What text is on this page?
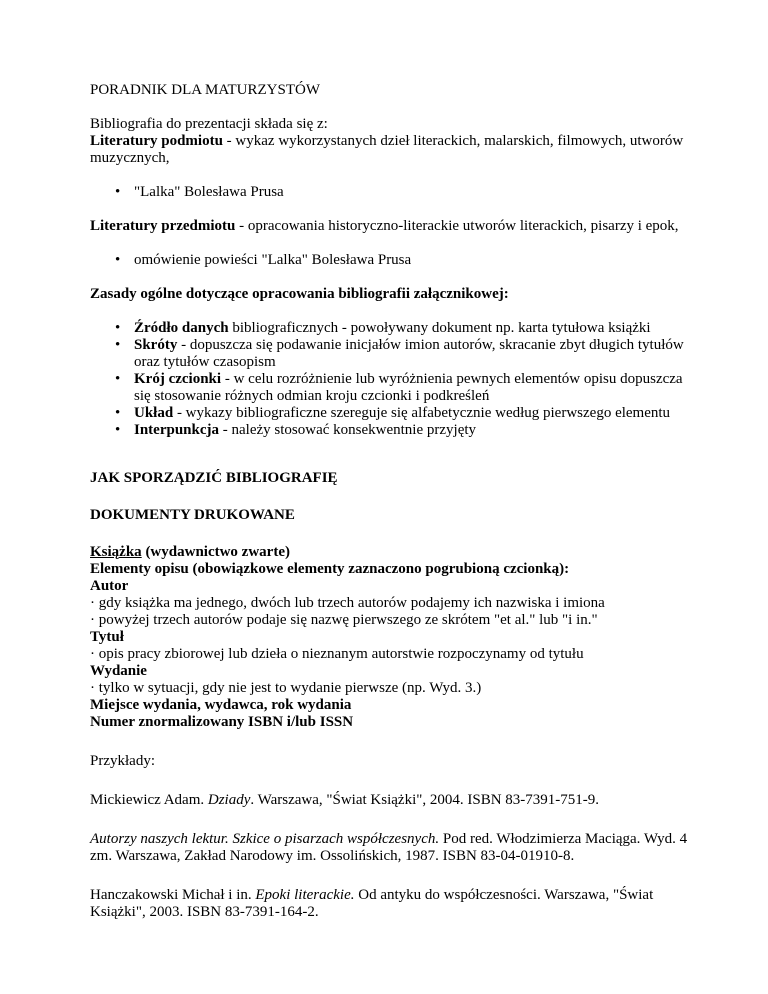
PORADNIK DLA MATURZYSTÓW

Bibliografia do prezentacji składa się z:

Literatury podmiotu - wykaz wykorzystanych dzieł literackich, malarskich, filmowych, utworów muzycznych,

• "Lalka" Bolesława Prusa

Literatury przedmiotu - opracowania historyczno-literackie utworów literackich, pisarzy i epok,

• omówienie powieści "Lalka" Bolesława Prusa

Zasady ogólne dotyczące opracowania bibliografii załącznikowej:

• Źródło danych bibliograficznych - powoływany dokument np. karta tytułowa książki
• Skróty - dopuszcza się podawanie inicjałów imion autorów, skracanie zbyt długich tytułów oraz tytułów czasopism
• Krój czcionki - w celu rozróżnienie lub wyróżnienia pewnych elementów opisu dopuszcza się stosowanie różnych odmian kroju czcionki i podkreśleń
• Układ - wykazy bibliograficzne szereguje się alfabetycznie według pierwszego elementu
• Interpunkcja - należy stosować konsekwentnie przyjęty

JAK SPORZĄDZIĆ BIBLIOGRAFIĘ

DOKUMENTY DRUKOWANE

Książka (wydawnictwo zwarte)

Elementy opisu (obowiązkowe elementy zaznaczono pogrubioną czcionką):

Autor

· gdy książka ma jednego, dwóch lub trzech autorów podajemy ich nazwiska i imiona

· powyżej trzech autorów podaje się nazwę pierwszego ze skrótem "et al." lub "i in."

Tytuł

· opis pracy zbiorowej lub dzieła o nieznanym autorstwie rozpoczynamy od tytułu

Wydanie

· tylko w sytuacji, gdy nie jest to wydanie pierwsze (np. Wyd. 3.)

Miejsce wydania, wydawca, rok wydania

Numer znormalizowany ISBN i/lub ISSN

Przykłady:

Mickiewicz Adam. Dziady. Warszawa, "Świat Książki", 2004. ISBN 83-7391-751-9.

Autorzy naszych lektur. Szkice o pisarzach współczesnych. Pod red. Włodzimierza Maciąga. Wyd. 4 zm. Warszawa, Zakład Narodowy im. Ossolińskich, 1987. ISBN 83-04-01910-8.

Hanczakowski Michał i in. Epoki literackie. Od antyku do współczesności. Warszawa, "Świat Książki", 2003. ISBN 83-7391-164-2.
